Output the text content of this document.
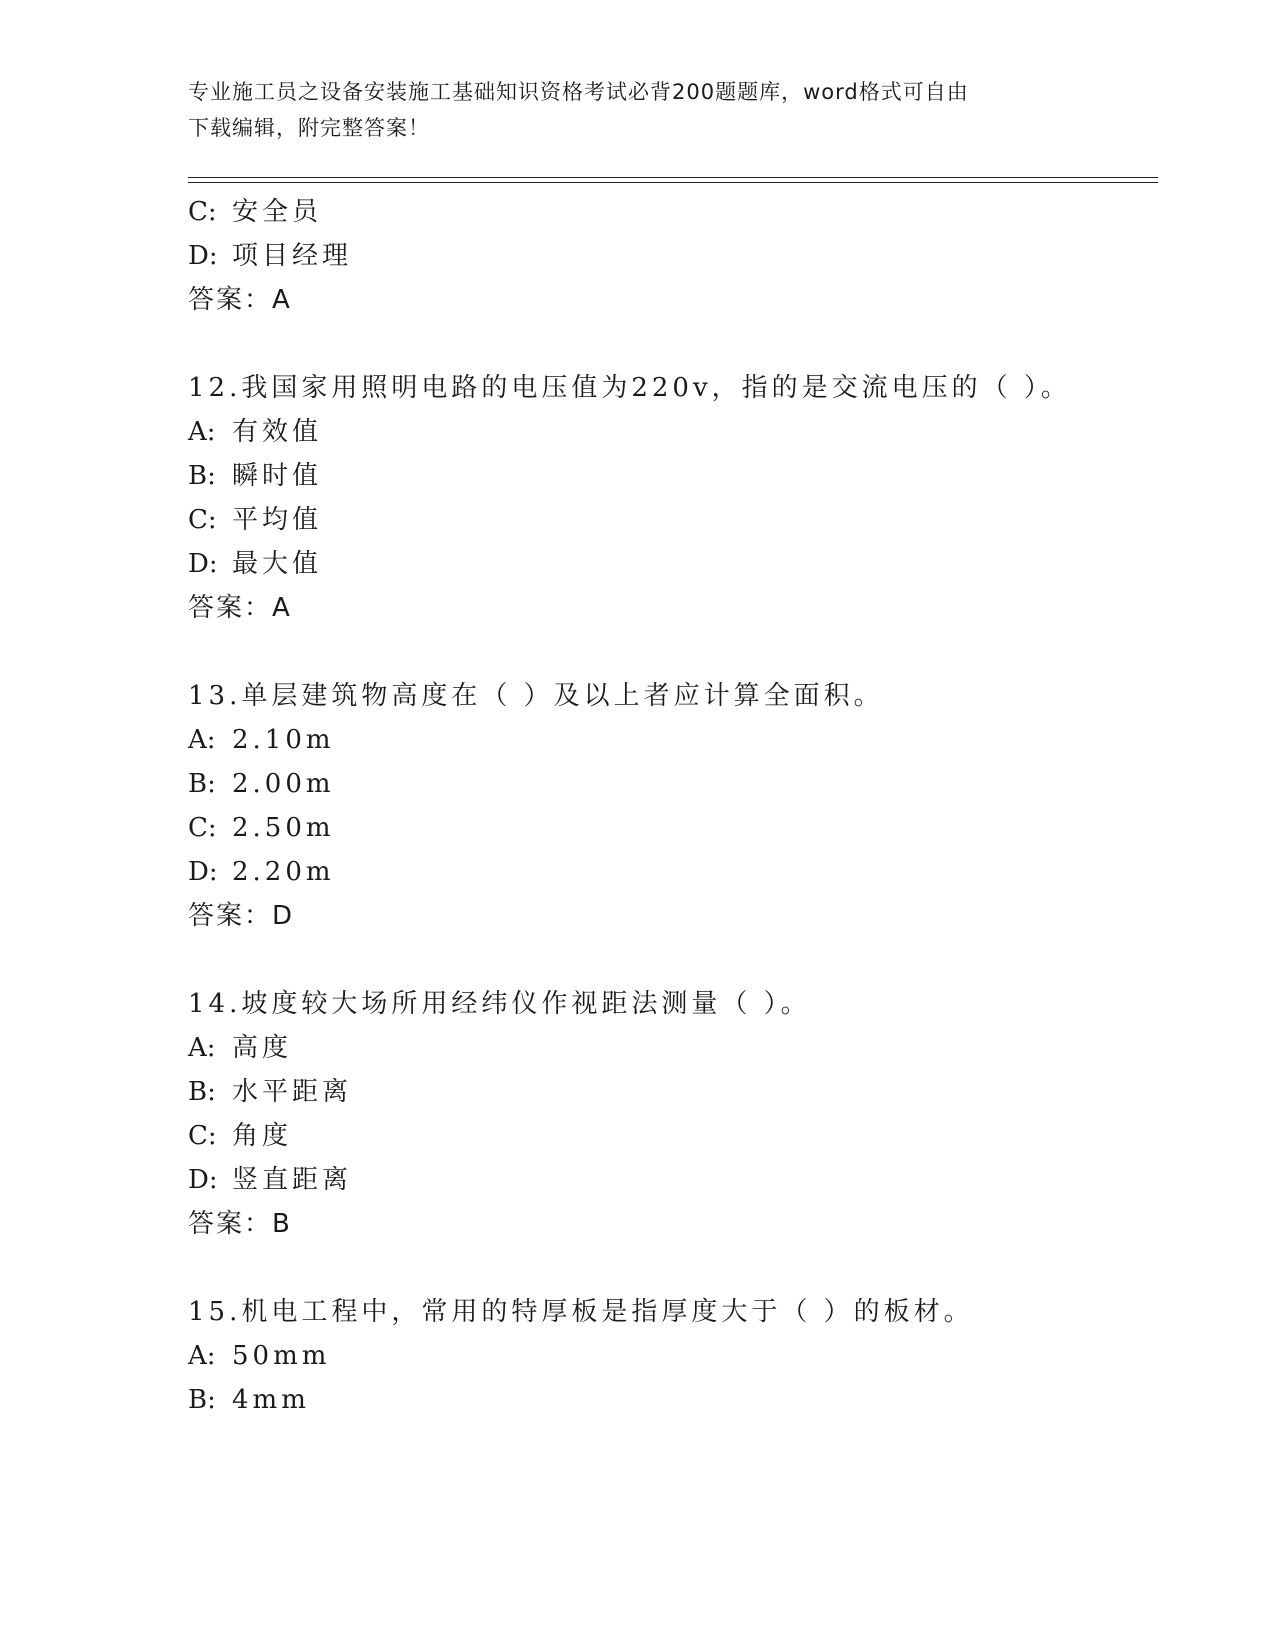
专业施工员之设备安装施工基础知识资格考试必背200题题库，word格式可自由
下载编辑，附完整答案！
C: 安全员
D: 项目经理
答案：A
12.我国家用照明电路的电压值为220v，指的是交流电压的（ ）。
A: 有效值
B: 瞬时值
C: 平均值
D: 最大值
答案：A
13.单层建筑物高度在（ ）及以上者应计算全面积。
A: 2.10m
B: 2.00m
C: 2.50m
D: 2.20m
答案：D
14.坡度较大场所用经纬仪作视距法测量（ ）。
A: 高度
B: 水平距离
C: 角度
D: 竖直距离
答案：B
15.机电工程中，常用的特厚板是指厚度大于（ ）的板材。
A: 50mm
B: 4mm
